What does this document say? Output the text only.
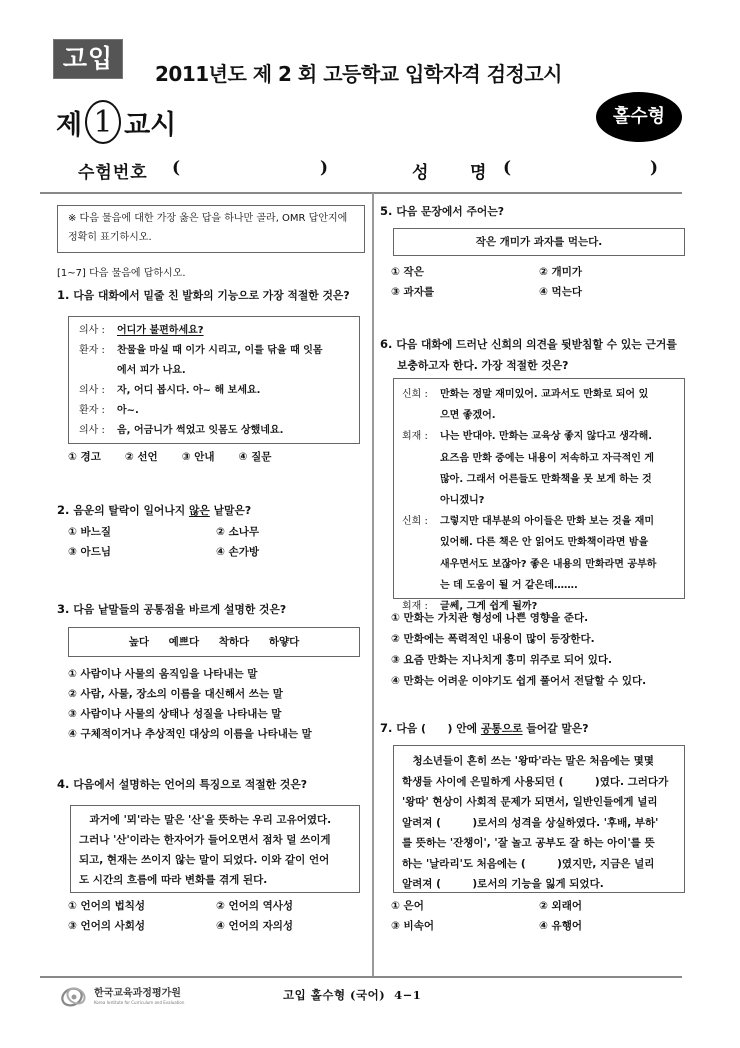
고입
2011년도 제 2 회 고등학교 입학자격 검정고시
제 1 교시	홀수형
수험번호 (	)	성 명 (	)
※ 다음 물음에 대한 가장 옳은 답을 하나만 골라, OMR 답안지에 정확히 표기하시오.
[1~7] 다음 물음에 답하시오.
1. 다음 대화에서 밑줄 친 발화의 기능으로 가장 적절한 것은?
의사 :	어디가 불편하세요?
환자 :	찬물을 마실 때 이가 시리고, 이를 닦을 때 잇몸
에서 피가 나요.
의사 :	자, 어디 봅시다. 아~ 해 보세요.
환자 :	아~.
의사 :	음, 어금니가 썩었고 잇몸도 상했네요.
① 경고 ② 선언 ③ 안내 ④ 질문
2. 음운의 탈락이 일어나지 않은 낱말은?
① 바느질	② 소나무
③ 아드님	④ 손가방
3. 다음 낱말들의 공통점을 바르게 설명한 것은?
높다 예쁘다 착하다 하얗다
① 사람이나 사물의 움직임을 나타내는 말
② 사람, 사물, 장소의 이름을 대신해서 쓰는 말
③ 사람이나 사물의 상태나 성질을 나타내는 말
④ 구체적이거나 추상적인 대상의 이름을 나타내는 말
4. 다음에서 설명하는 언어의 특징으로 적절한 것은?
　과거에 '뫼'라는 말은 '산'을 뜻하는 우리 고유어였다.
그러나 '산'이라는 한자어가 들어오면서 점차 덜 쓰이게
되고, 현재는 쓰이지 않는 말이 되었다. 이와 같이 언어
도 시간의 흐름에 따라 변화를 겪게 된다.
① 언어의 법칙성	② 언어의 역사성
③ 언어의 사회성	④ 언어의 자의성
5. 다음 문장에서 주어는?
작은 개미가 과자를 먹는다.
① 작은	② 개미가
③ 과자를	④ 먹는다
6. 다음 대화에 드러난 신희의 의견을 뒷받침할 수 있는 근거를
보충하고자 한다. 가장 적절한 것은?
신희 :	만화는 정말 재미있어. 교과서도 만화로 되어 있
으면 좋겠어.
회재 :	나는 반대야. 만화는 교육상 좋지 않다고 생각해.
요즈음 만화 중에는 내용이 저속하고 자극적인 게
많아. 그래서 어른들도 만화책을 못 보게 하는 것
아니겠니?
신희 :	그렇지만 대부분의 아이들은 만화 보는 것을 재미
있어해. 다른 책은 안 읽어도 만화책이라면 밤을
새우면서도 보잖아? 좋은 내용의 만화라면 공부하
는 데 도움이 될 거 같은데…….
회재 :	글쎄, 그게 쉽게 될까?
① 만화는 가치관 형성에 나쁜 영향을 준다.
② 만화에는 폭력적인 내용이 많이 등장한다.
③ 요즘 만화는 지나치게 흥미 위주로 되어 있다.
④ 만화는 어려운 이야기도 쉽게 풀어서 전달할 수 있다.
7. 다음 (　　) 안에 공통으로 들어갈 말은?
　청소년들이 흔히 쓰는 '왕따'라는 말은 처음에는 몇몇
학생들 사이에 은밀하게 사용되던 (　　　)였다. 그러다가
'왕따' 현상이 사회적 문제가 되면서, 일반인들에게 널리
알려져 (　　　)로서의 성격을 상실하였다. '후배, 부하'
를 뜻하는 '잔챙이', '잘 놀고 공부도 잘 하는 아이'를 뜻
하는 '날라리'도 처음에는 (　　　)였지만, 지금은 널리
알려져 (　　　)로서의 기능을 잃게 되었다.
① 은어	② 외래어
③ 비속어	④ 유행어
한국교육과정평가원
Korea Institute for Curriculum and Evaluation
고입 홀수형 (국어)  4−1
